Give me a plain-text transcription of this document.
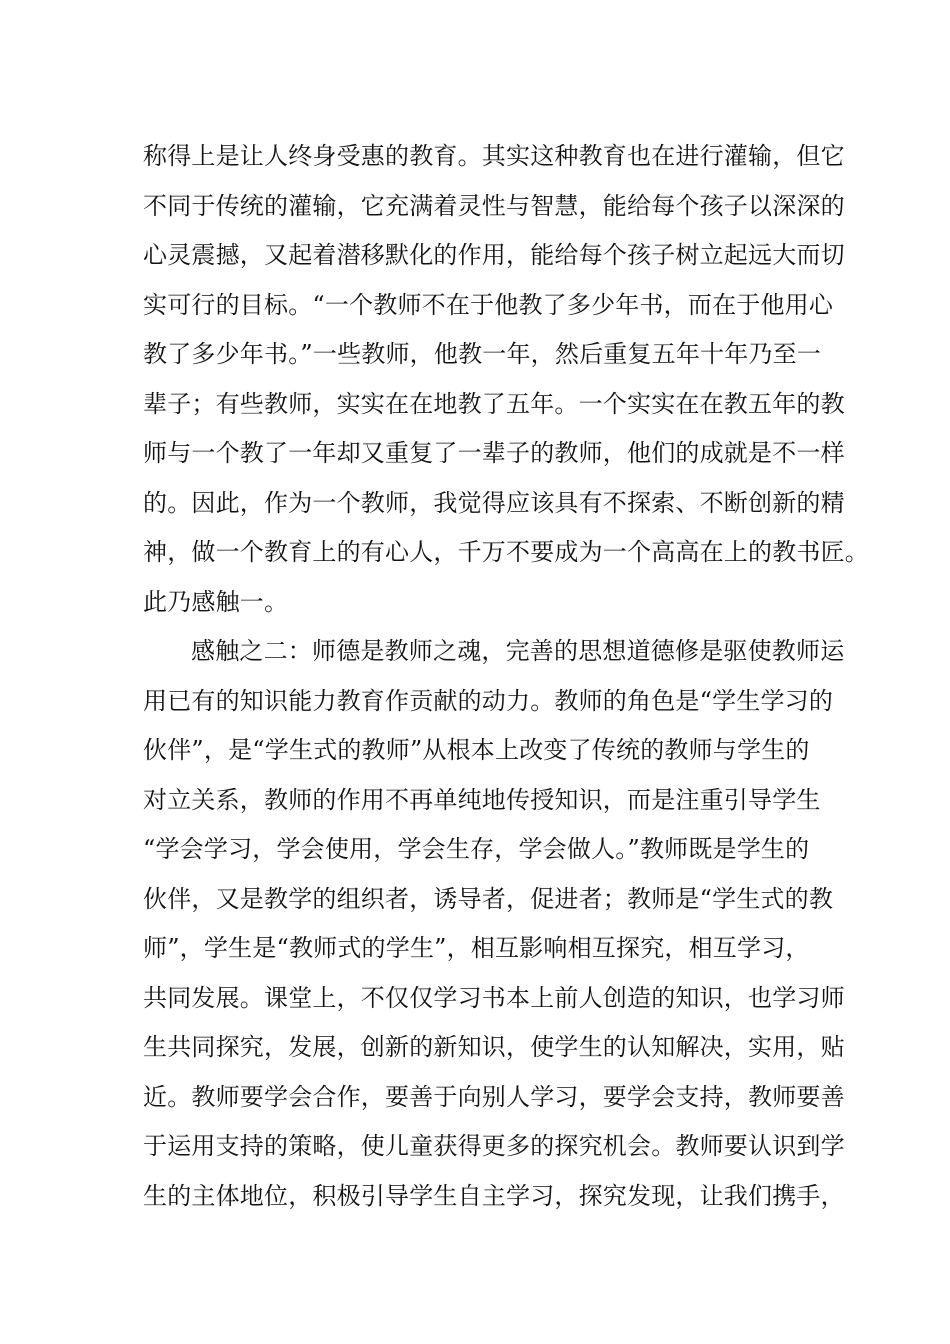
称得上是让人终身受惠的教育。其实这种教育也在进行灌输，但它
不同于传统的灌输，它充满着灵性与智慧，能给每个孩子以深深的
心灵震撼，又起着潜移默化的作用，能给每个孩子树立起远大而切
实可行的目标。“一个教师不在于他教了多少年书，而在于他用心
教了多少年书。”一些教师，他教一年，然后重复五年十年乃至一
辈子；有些教师，实实在在地教了五年。一个实实在在教五年的教
师与一个教了一年却又重复了一辈子的教师，他们的成就是不一样
的。因此，作为一个教师，我觉得应该具有不探索、不断创新的精
神，做一个教育上的有心人，千万不要成为一个高高在上的教书匠。
此乃感触一。
感触之二：师德是教师之魂，完善的思想道德修是驱使教师运
用已有的知识能力教育作贡献的动力。教师的角色是“学生学习的
伙伴”，是“学生式的教师”从根本上改变了传统的教师与学生的
对立关系，教师的作用不再单纯地传授知识，而是注重引导学生
“学会学习，学会使用，学会生存，学会做人。”教师既是学生的
伙伴，又是教学的组织者，诱导者，促进者；教师是“学生式的教
师”，学生是“教师式的学生”，相互影响相互探究，相互学习，
共同发展。课堂上，不仅仅学习书本上前人创造的知识，也学习师
生共同探究，发展，创新的新知识，使学生的认知解决，实用，贴
近。教师要学会合作，要善于向别人学习，要学会支持，教师要善
于运用支持的策略，使儿童获得更多的探究机会。教师要认识到学
生的主体地位，积极引导学生自主学习，探究发现，让我们携手，
